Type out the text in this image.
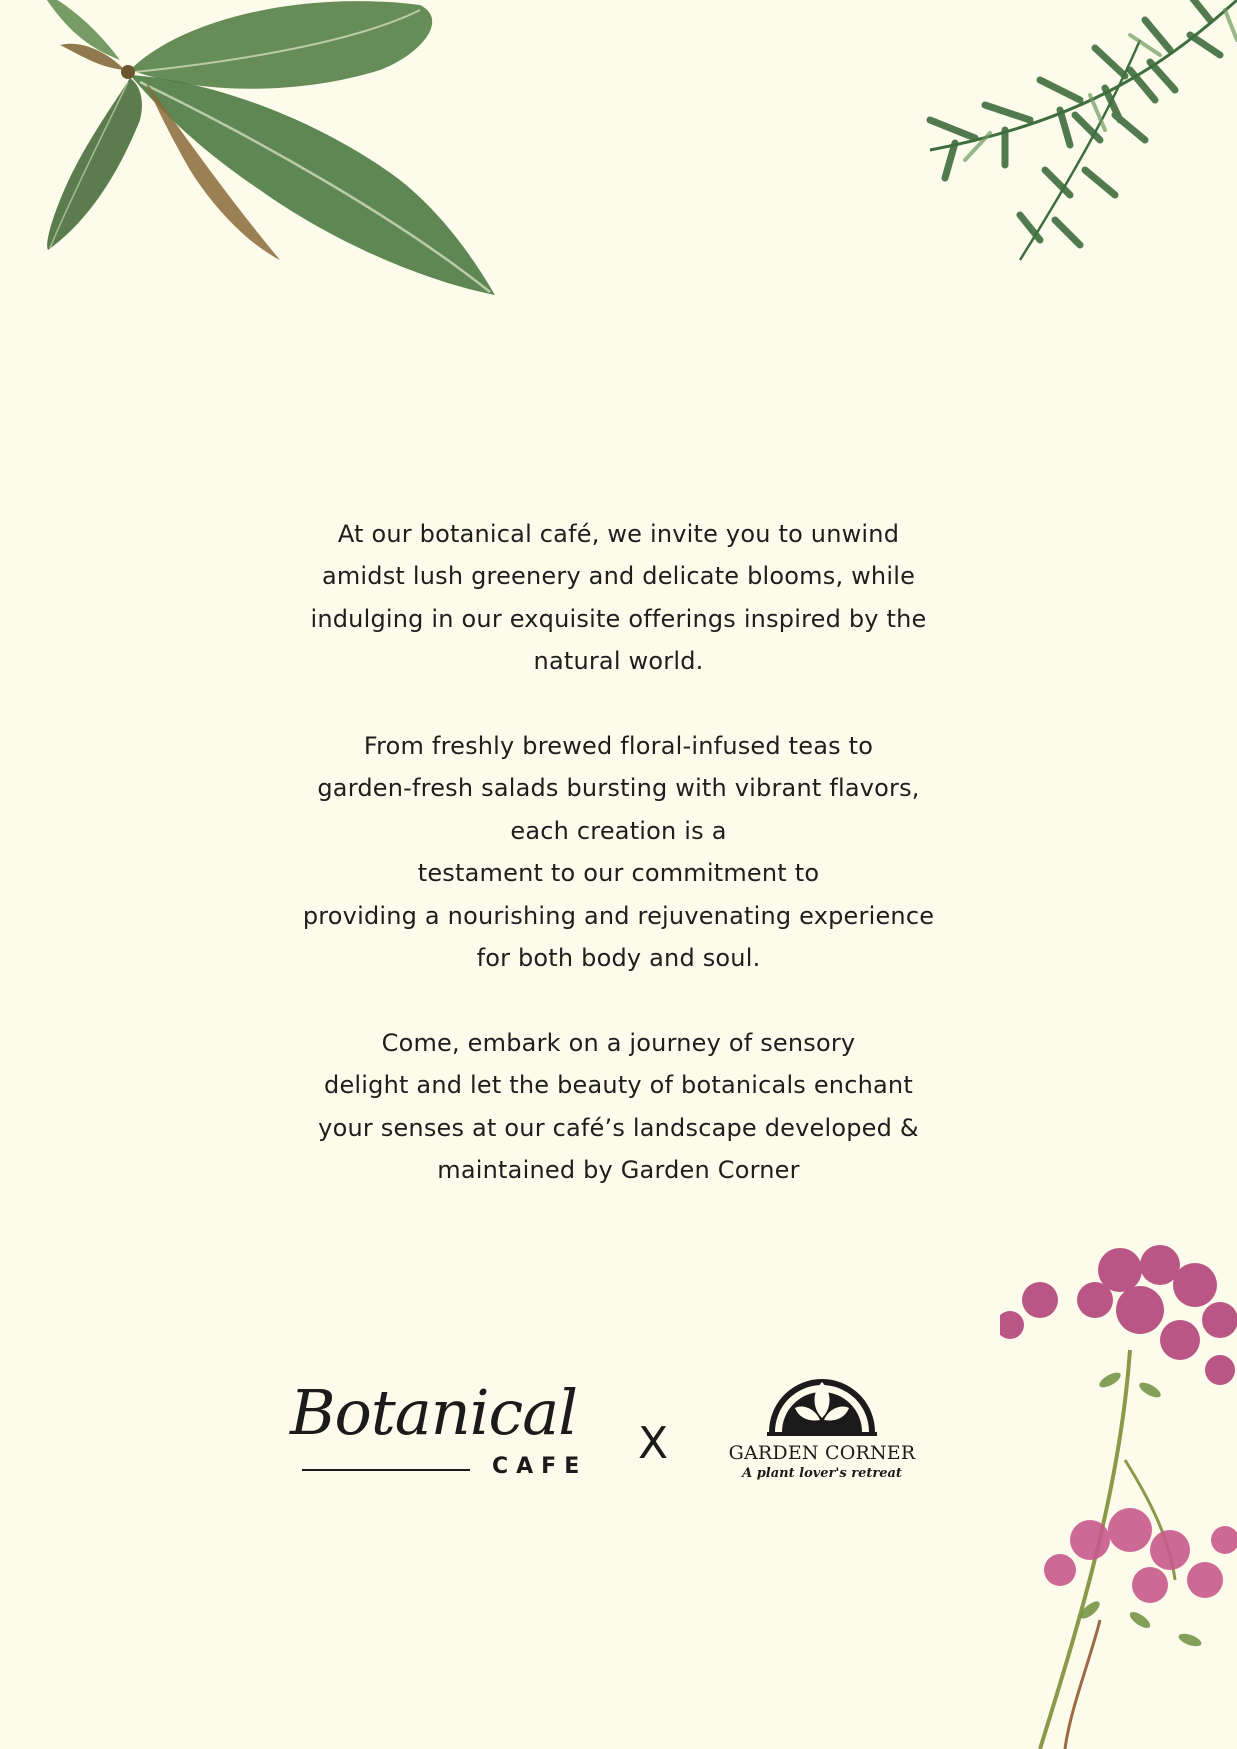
At our botanical café, we invite you to unwind
amidst lush greenery and delicate blooms, while
indulging in our exquisite offerings inspired by the
natural world.

From freshly brewed floral-infused teas to
garden-fresh salads bursting with vibrant flavors,
each creation is a
testament to our commitment to
providing a nourishing and rejuvenating experience
for both body and soul.

Come, embark on a journey of sensory
delight and let the beauty of botanicals enchant
your senses at our café’s landscape developed &
maintained by Garden Corner

Botanical
CAFE X	GARDEN CORNER
A plant lover's retreat
